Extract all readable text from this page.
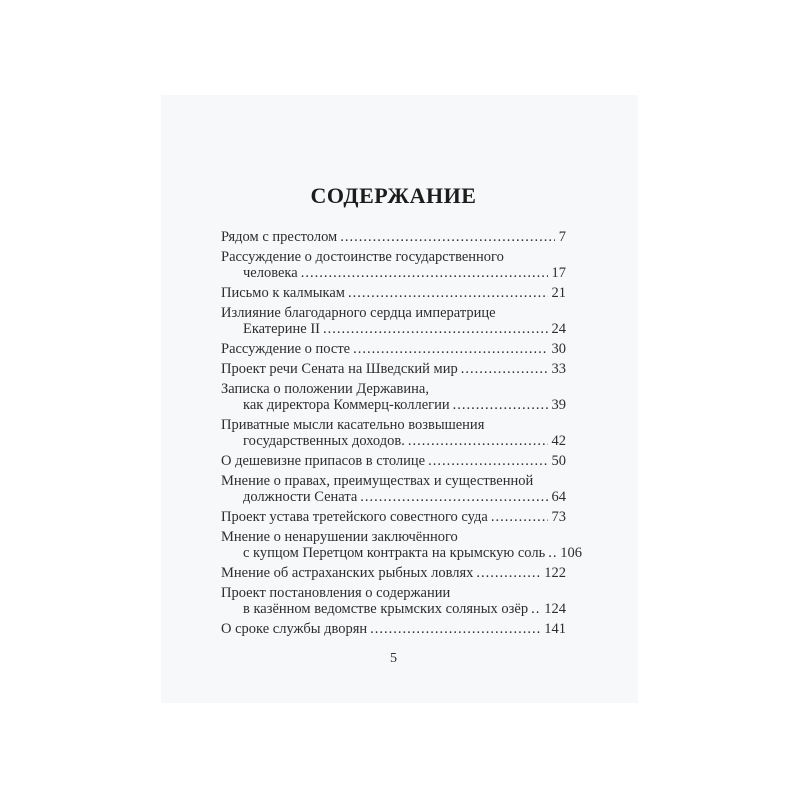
СОДЕРЖАНИЕ
Рядом с престолом .....	7
Рассуждение о достоинстве государственного
человека .....	17
Письмо к калмыкам .....	21
Излияние благодарного сердца императрице
Екатерине II .....	24
Рассуждение о посте .....	30
Проект речи Сената на Шведский мир .....	33
Записка о положении Державина,
как директора Коммерц-коллегии .....	39
Приватные мысли касательно возвышения
государственных доходов. .....	42
О дешевизне припасов в столице .....	50
Мнение о правах, преимуществах и существенной
должности Сената .....	64
Проект устава третейского совестного суда .....	73
Мнение о ненарушении заключённого
с купцом Перетцом контракта на крымскую соль ..... 106
Мнение об астраханских рыбных ловлях .....	122
Проект постановления о содержании
в казённом ведомстве крымских соляных озёр ..... 124
О сроке службы дворян .....	141
5
